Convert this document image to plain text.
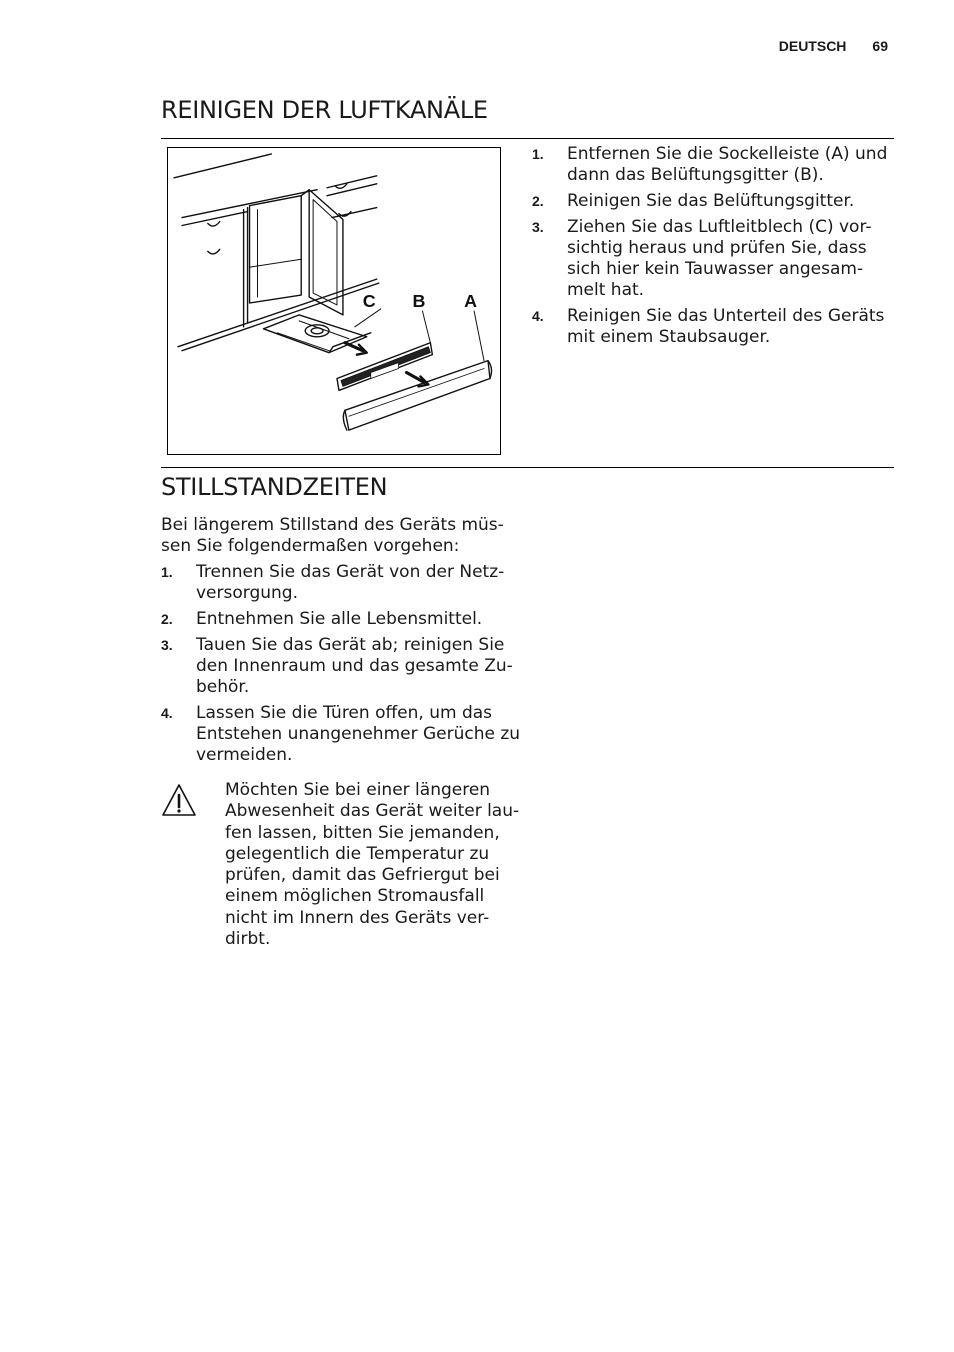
DEUTSCH 69
REINIGEN DER LUFTKANÄLE
C B A
1. Entfernen Sie die Sockelleiste (A) und
dann das Belüftungsgitter (B).
2. Reinigen Sie das Belüftungsgitter.
3. Ziehen Sie das Luftleitblech (C) vor-
sichtig heraus und prüfen Sie, dass
sich hier kein Tauwasser angesam-
melt hat.
4. Reinigen Sie das Unterteil des Geräts
mit einem Staubsauger.
STILLSTANDZEITEN
Bei längerem Stillstand des Geräts müs-
sen Sie folgendermaßen vorgehen:
1. Trennen Sie das Gerät von der Netz-
versorgung.
2. Entnehmen Sie alle Lebensmittel.
3. Tauen Sie das Gerät ab; reinigen Sie
den Innenraum und das gesamte Zu-
behör.
4. Lassen Sie die Türen offen, um das
Entstehen unangenehmer Gerüche zu
vermeiden.
Möchten Sie bei einer längeren
Abwesenheit das Gerät weiter lau-
fen lassen, bitten Sie jemanden,
gelegentlich die Temperatur zu
prüfen, damit das Gefriergut bei
einem möglichen Stromausfall
nicht im Innern des Geräts ver-
dirbt.
